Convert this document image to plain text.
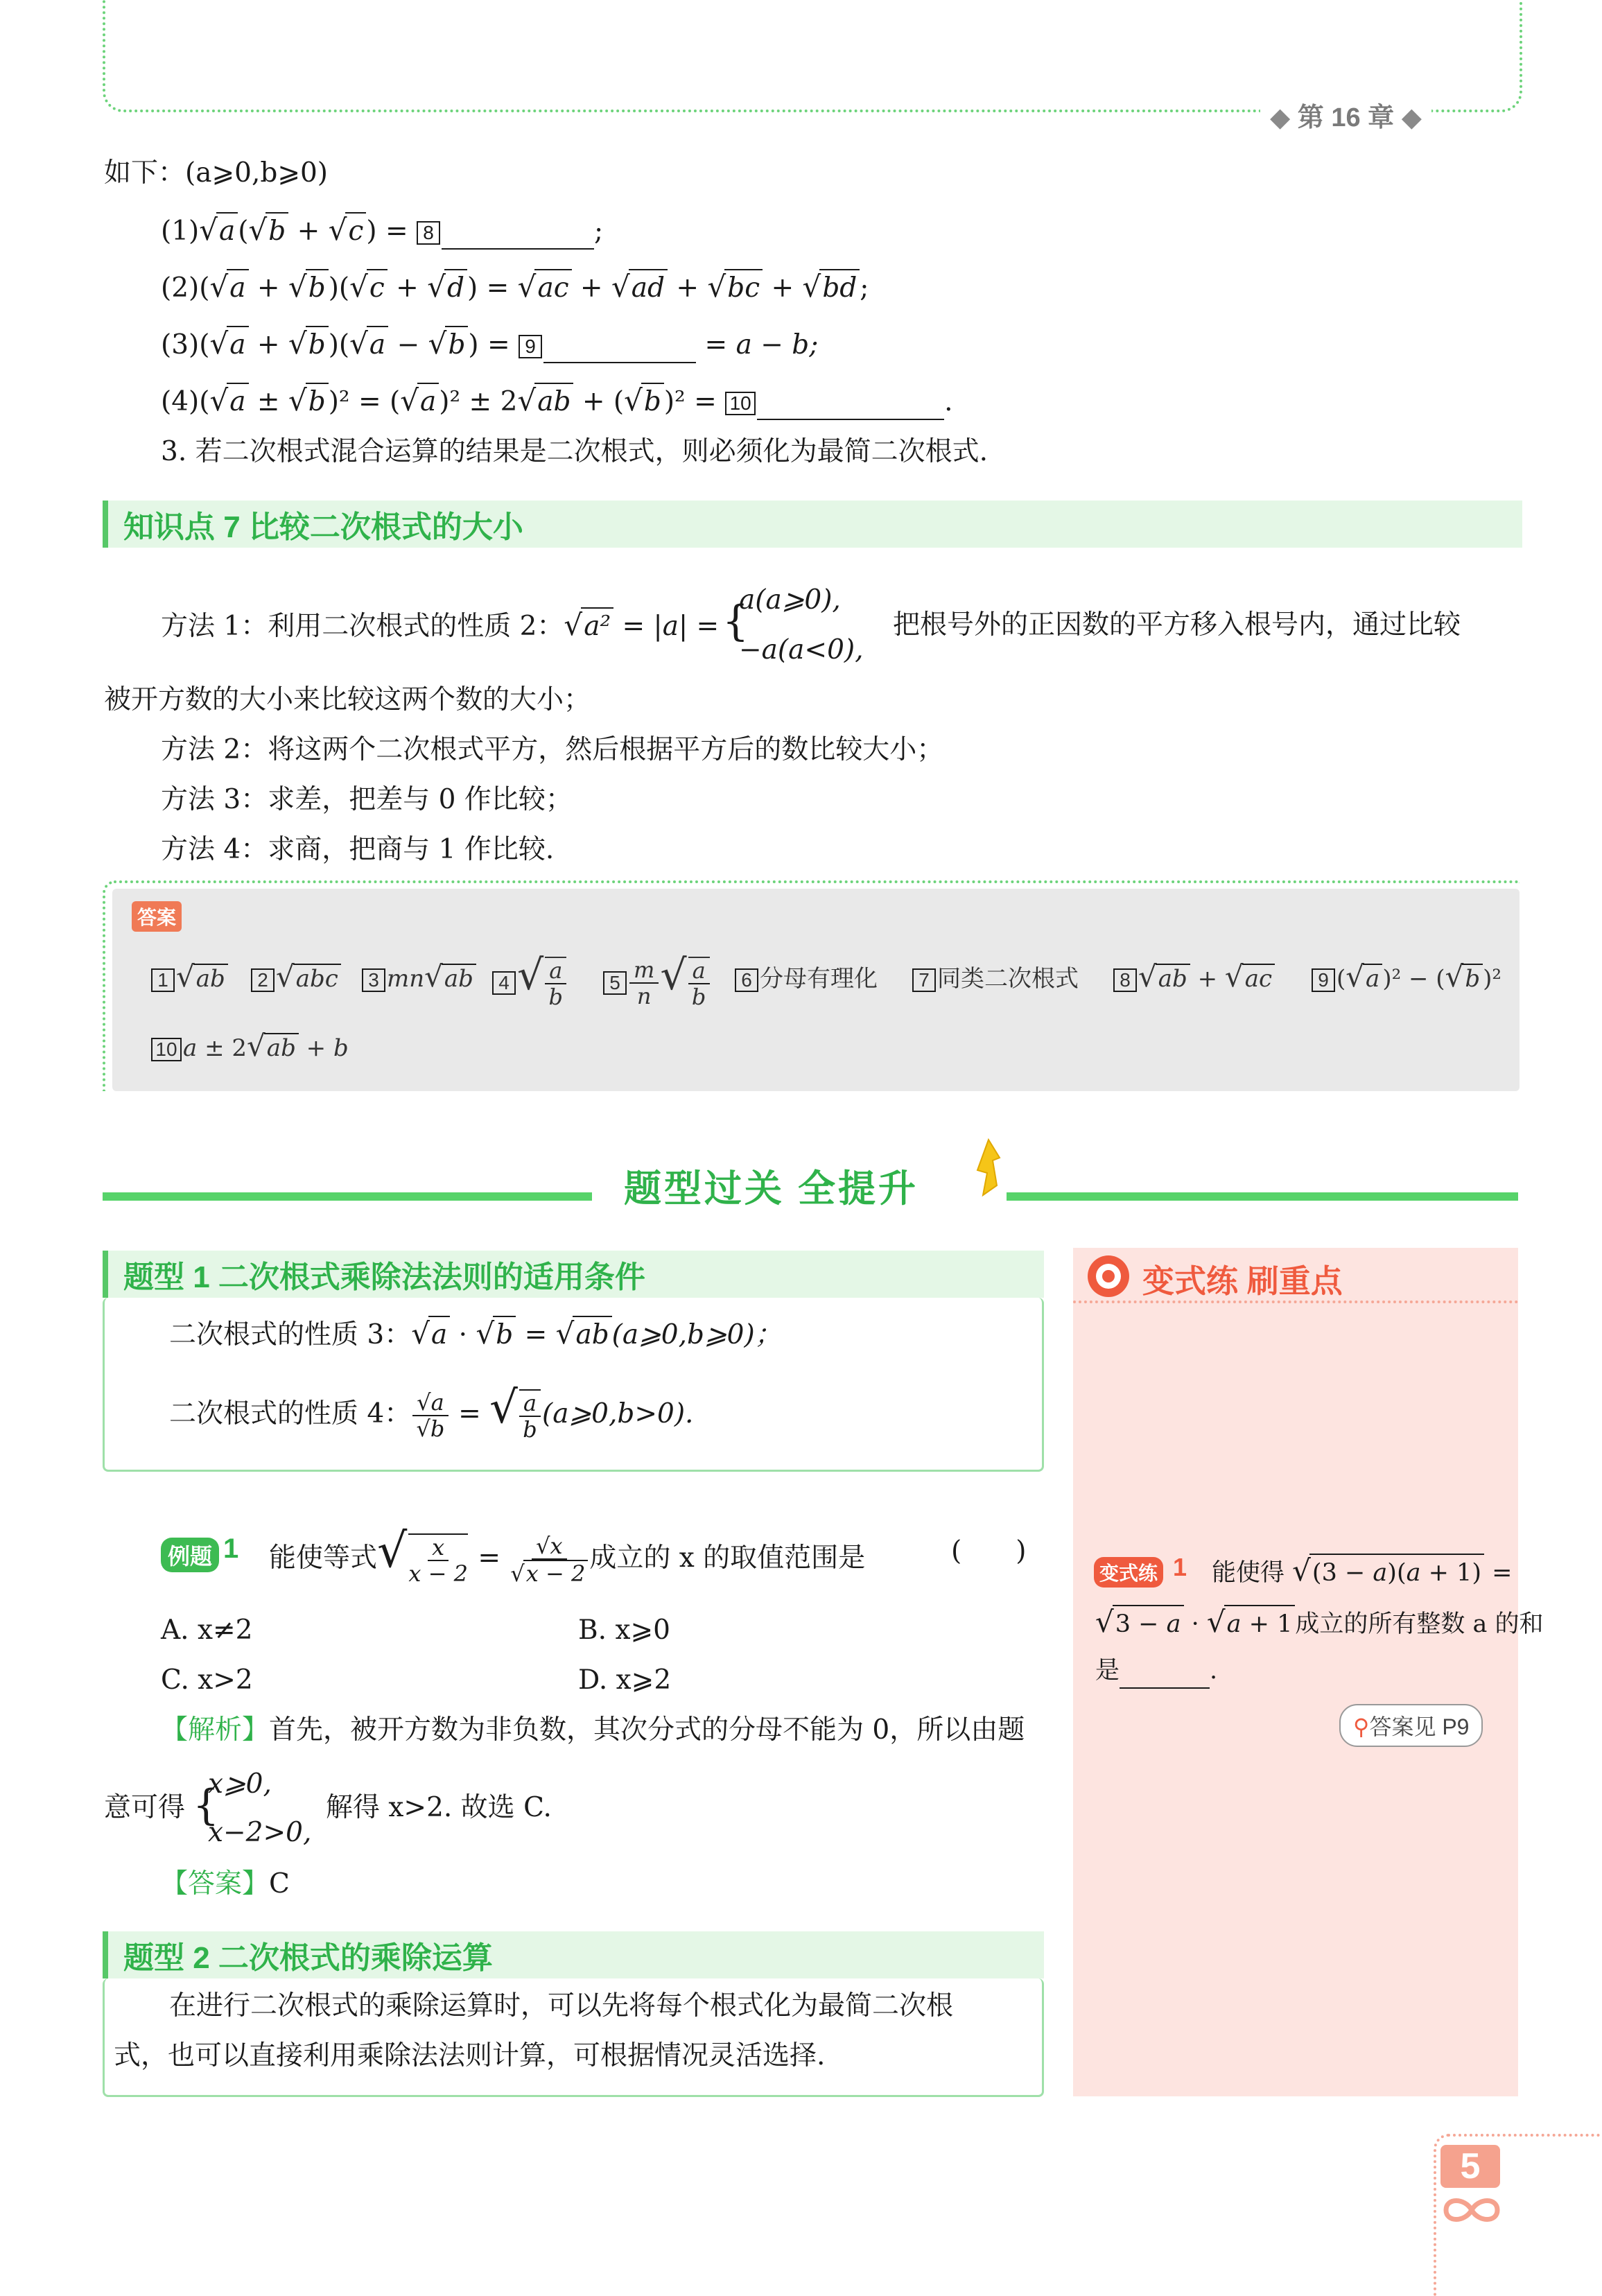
◆ 第 16 章 ◆
如下：(a⩾0,b⩾0)
(1)√a (√b + √c ) = 8	;
(2)(√a + √b )(√c + √d ) = √ac + √ad + √bc + √bd ;
(3)(√a + √b )(√a − √b ) = 9	= a − b;
(4)(√a ± √b )² = (√a )² ± 2√ab + (√b )² = 10	.
3. 若二次根式混合运算的结果是二次根式，则必须化为最简二次根式.
知识点 7 比较二次根式的大小
方法 1：利用二次根式的性质 2：√a² = |a| = {
a(a⩾0),
−a(a<0),
把根号外的正因数的平方移入根号内，通过比较
被开方数的大小来比较这两个数的大小；
方法 2：将这两个二次根式平方，然后根据平方后的数比较大小；
方法 3：求差，把差与 0 作比较；
方法 4：求商，把商与 1 作比较.
答案
1 √ab	2 √abc	3 mn√ab	4 √ $\frac{a}{b}$	$5 \frac{m}{n}$ √ $\frac{a}{b}$	6 分母有理化	7 同类二次根式	8 √ab + √ac	9 (√a )² − (√b )²
10 a ± 2√ab + b
题型过关 全提升
题型 1 二次根式乘除法法则的适用条件
二次根式的性质 3：√a · √b = √ab (a⩾0,b⩾0)；
二次根式的性质 4： $\frac{√a}{√b}$ = √ $\frac{a}{b}$ (a⩾0,b>0).
例题 1 能使等式√ $\frac{x}{x - 2} = \frac{√x}{√x - 2}$ 成立的 x 的取值范围是	(　　)
A. x≠2	B. x⩾0
C. x>2	D. x⩾2
【解析】首先，被开方数为非负数，其次分式的分母不能为 0，所以由题
意可得 {
x⩾0,
x−2>0,
解得 x>2. 故选 C.
【答案】C
题型 2 二次根式的乘除运算
在进行二次根式的乘除运算时，可以先将每个根式化为最简二次根
式，也可以直接利用乘除法法则计算，可根据情况灵活选择.
变式练 刷重点
变式练 1 能使得 √(3 − a)(a + 1) =
√3 − a · √a + 1 成立的所有整数 a 的和
是	.
⚲答案见 P9
5
